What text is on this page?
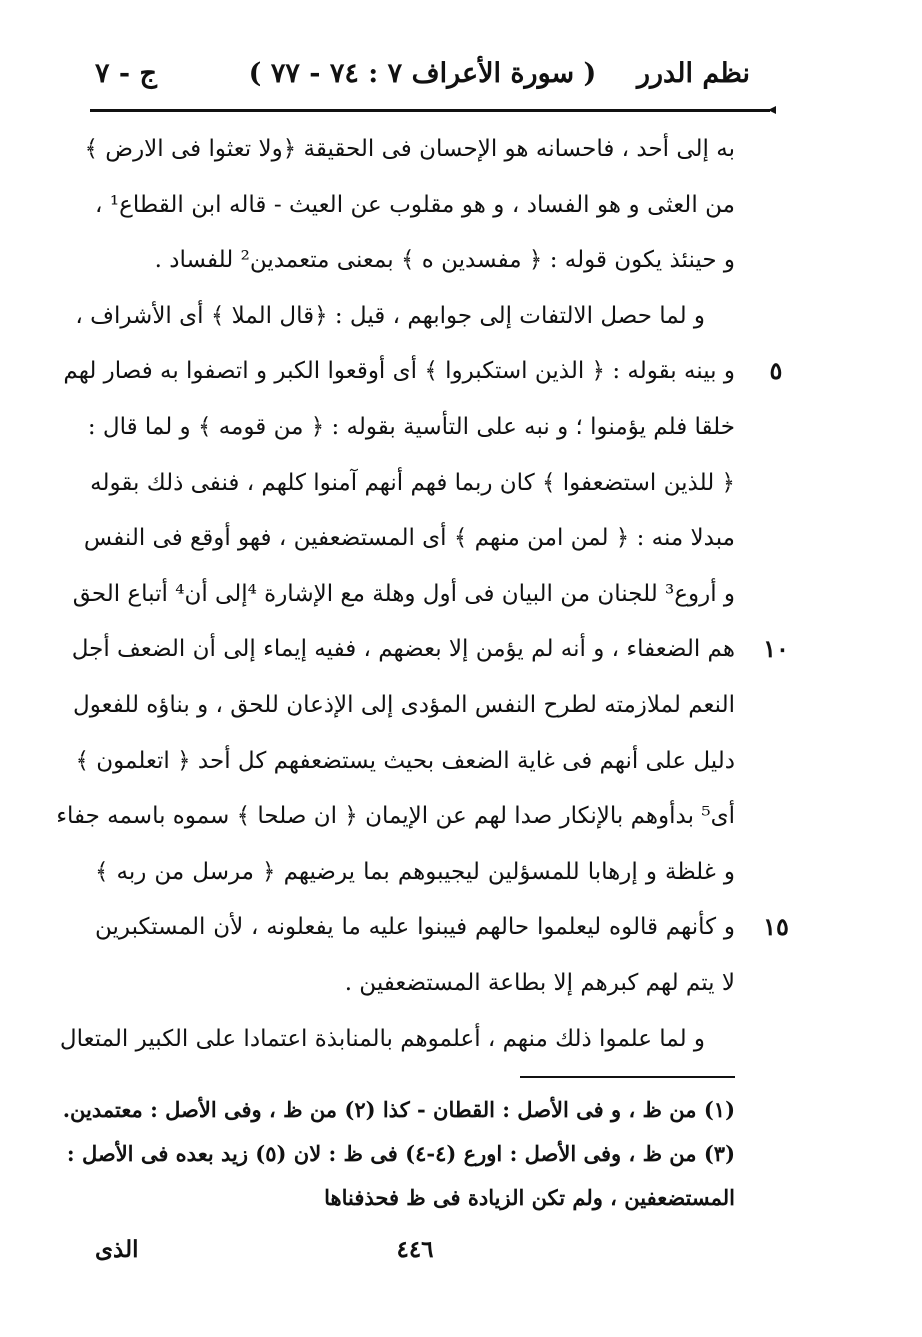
نظم الدرر
( سورة الأعراف ٧ : ٧٤ - ٧٧ )
ج - ٧
به إلى أحد ، فاحسانه هو الإحسان فى الحقيقة ﴿ولا تعثوا فى الارض ﴾
من العثى و هو الفساد ، و هو مقلوب عن العيث - قاله ابن القطاع¹ ،
و حينئذ يكون قوله : ﴿ مفسدين ه ﴾ بمعنى متعمدين² للفساد .
و لما حصل الالتفات إلى جوابهم ، قيل : ﴿قال الملا ﴾ أى الأشراف ،
و بينه بقوله : ﴿ الذين استكبروا ﴾ أى أوقعوا الكبر و اتصفوا به فصار لهم
خلقا فلم يؤمنوا ؛ و نبه على التأسية بقوله : ﴿ من قومه ﴾ و لما قال :
﴿ للذين استضعفوا ﴾ كان ربما فهم أنهم آمنوا كلهم ، فنفى ذلك بقوله
مبدلا منه : ﴿ لمن امن منهم ﴾ أى المستضعفين ، فهو أوقع فى النفس
و أروع³ للجنان من البيان فى أول وهلة مع الإشارة ⁴إلى أن⁴ أتباع الحق
هم الضعفاء ، و أنه لم يؤمن إلا بعضهم ، ففيه إيماء إلى أن الضعف أجل
النعم لملازمته لطرح النفس المؤدى إلى الإذعان للحق ، و بناؤه للفعول
دليل على أنهم فى غاية الضعف بحيث يستضعفهم كل أحد ﴿ اتعلمون ﴾
أى⁵ بدأوهم بالإنكار صدا لهم عن الإيمان ﴿ ان صلحا ﴾ سموه باسمه جفاء
و غلظة و إرهابا للمسؤلين ليجيبوهم بما يرضيهم ﴿ مرسل من ربه ﴾
و كأنهم قالوه ليعلموا حالهم فيبنوا عليه ما يفعلونه ، لأن المستكبرين
لا يتم لهم كبرهم إلا بطاعة المستضعفين .
و لما علموا ذلك منهم ، أعلموهم بالمنابذة اعتمادا على الكبير المتعال
٥
١٠
١٥
(١) من ظ ، و فى الأصل : القطان - كذا (٢) من ظ ، وفى الأصل : معتمدين.
(٣) من ظ ، وفى الأصل : اورع (٤-٤) فى ظ : لان (٥) زيد بعده فى الأصل :
المستضعفين ، ولم تكن الزيادة فى ظ فحذفناها
٤٤٦
الذى
